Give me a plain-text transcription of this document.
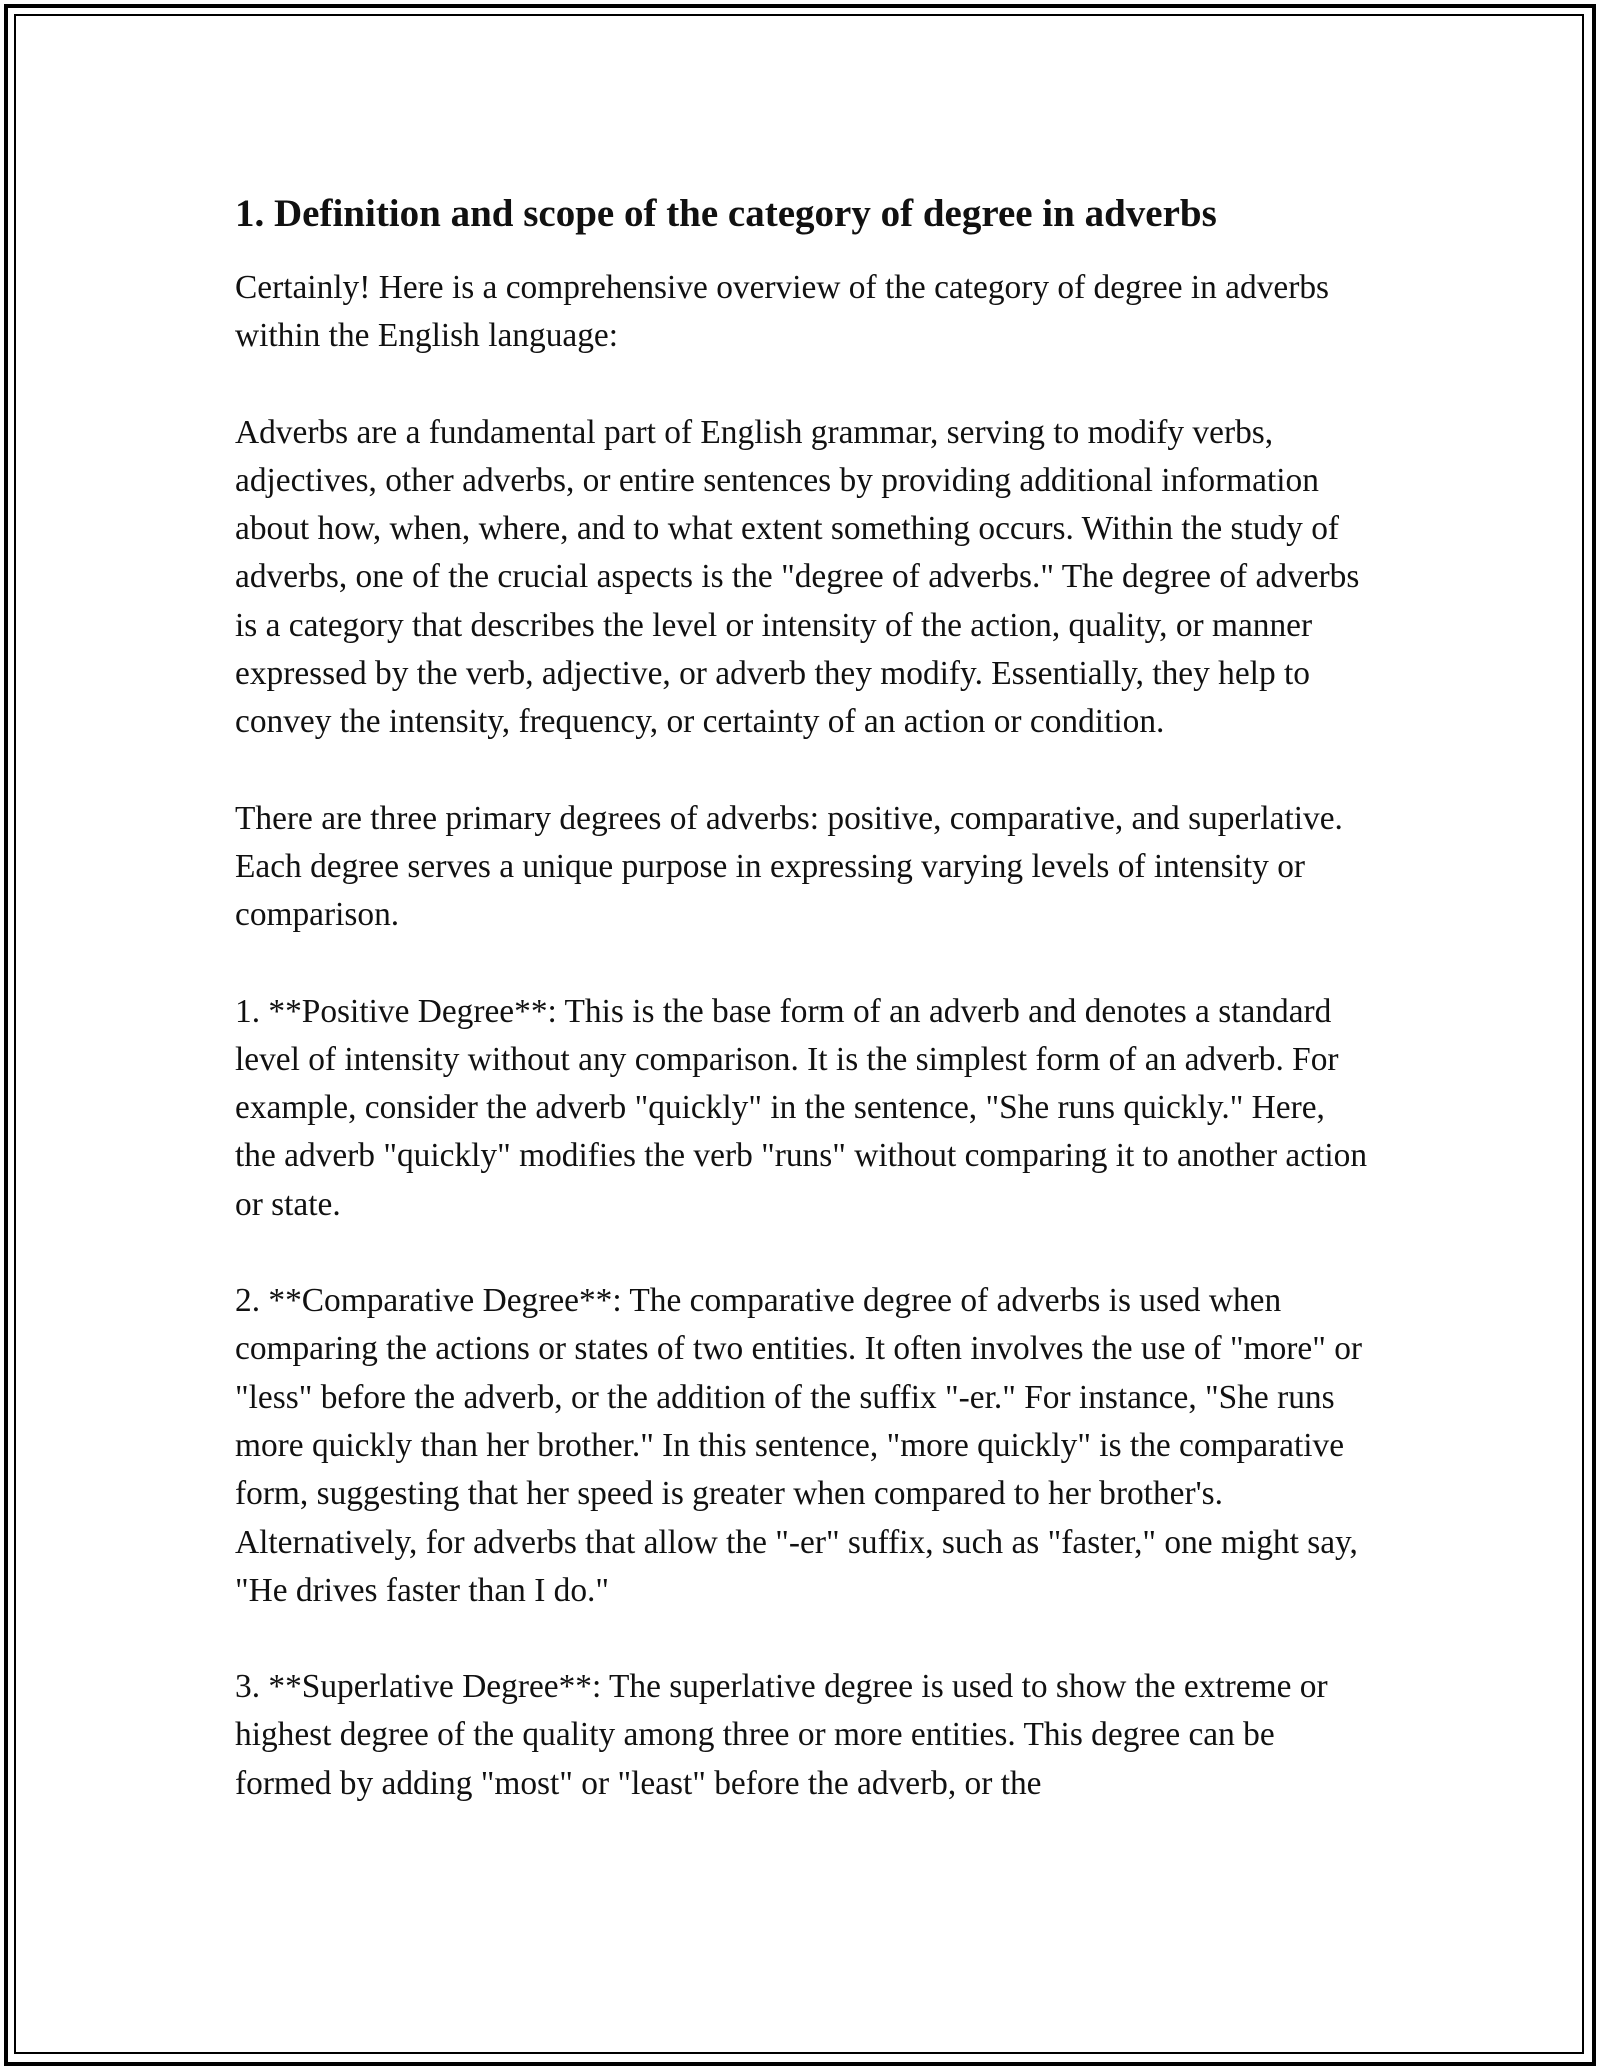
1. Definition and scope of the category of degree in adverbs

Certainly! Here is a comprehensive overview of the category of degree in adverbs within the English language:

Adverbs are a fundamental part of English grammar, serving to modify verbs, adjectives, other adverbs, or entire sentences by providing additional information about how, when, where, and to what extent something occurs. Within the study of adverbs, one of the crucial aspects is the "degree of adverbs." The degree of adverbs is a category that describes the level or intensity of the action, quality, or manner expressed by the verb, adjective, or adverb they modify. Essentially, they help to convey the intensity, frequency, or certainty of an action or condition.

There are three primary degrees of adverbs: positive, comparative, and superlative. Each degree serves a unique purpose in expressing varying levels of intensity or comparison.

1. **Positive Degree**: This is the base form of an adverb and denotes a standard level of intensity without any comparison. It is the simplest form of an adverb. For example, consider the adverb "quickly" in the sentence, "She runs quickly." Here, the adverb "quickly" modifies the verb "runs" without comparing it to another action or state.

2. **Comparative Degree**: The comparative degree of adverbs is used when comparing the actions or states of two entities. It often involves the use of "more" or "less" before the adverb, or the addition of the suffix "-er." For instance, "She runs more quickly than her brother." In this sentence, "more quickly" is the comparative form, suggesting that her speed is greater when compared to her brother's. Alternatively, for adverbs that allow the "-er" suffix, such as "faster," one might say, "He drives faster than I do."

3. **Superlative Degree**: The superlative degree is used to show the extreme or highest degree of the quality among three or more entities. This degree can be formed by adding "most" or "least" before the adverb, or the
